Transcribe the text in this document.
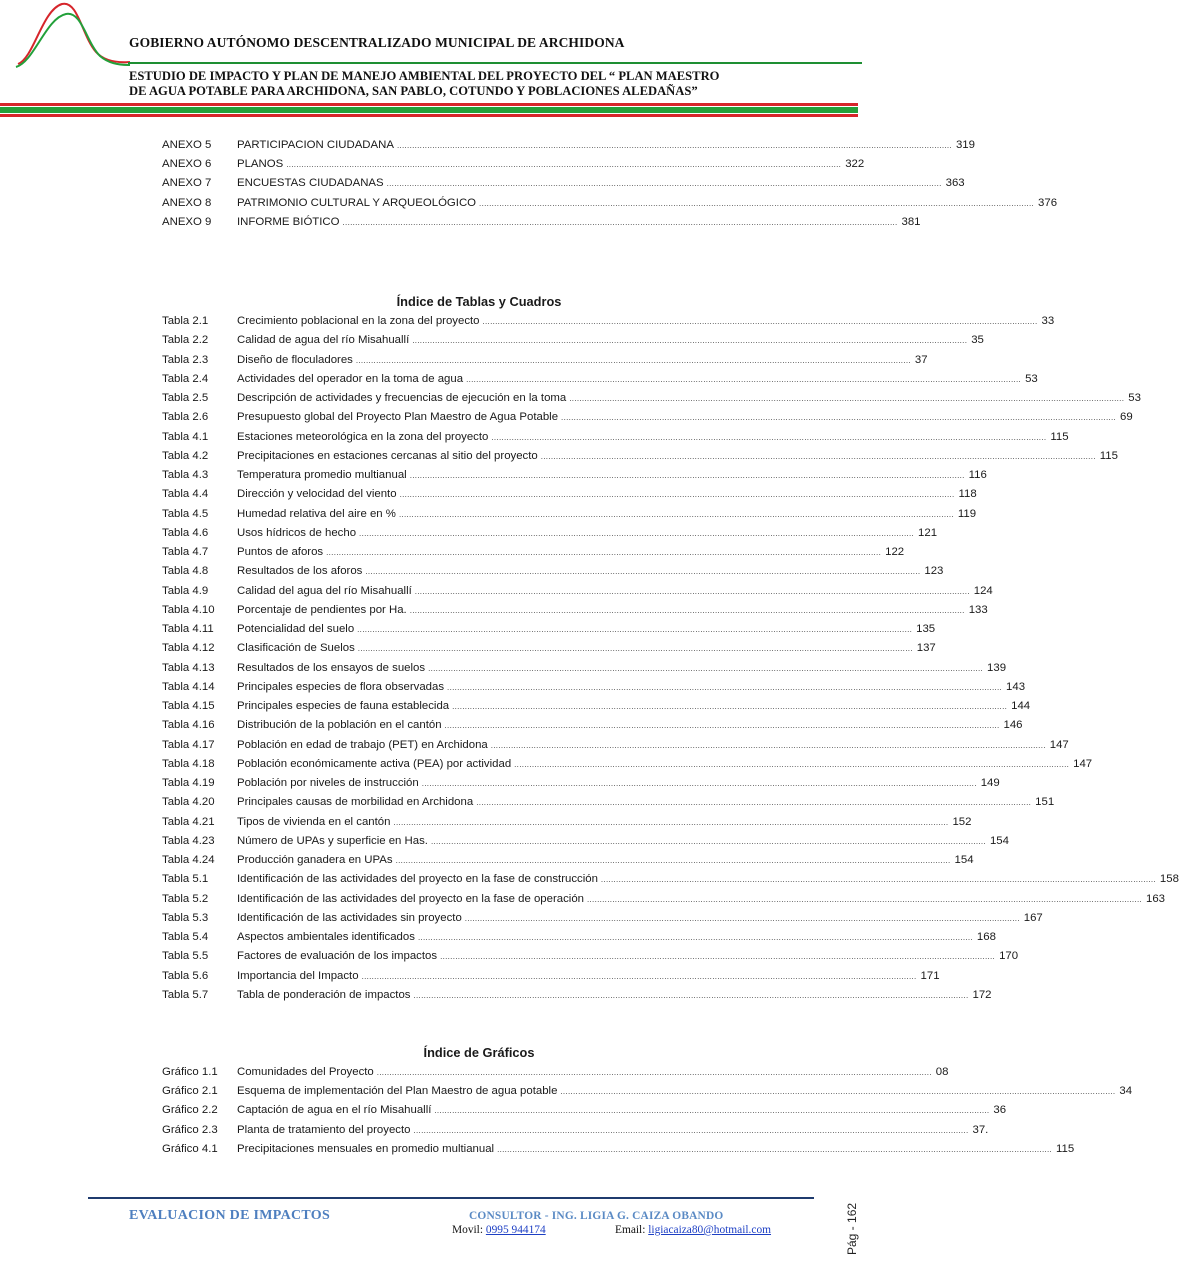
GOBIERNO AUTÓNOMO DESCENTRALIZADO MUNICIPAL DE ARCHIDONA
ESTUDIO DE IMPACTO Y PLAN DE MANEJO AMBIENTAL DEL PROYECTO DEL “ PLAN MAESTRO
DE AGUA POTABLE PARA ARCHIDONA, SAN PABLO, COTUNDO Y POBLACIONES ALEDAÑAS”
ANEXO 5	PARTICIPACION CIUDADANA ............................................................................................................................................................................................................................ 319
ANEXO 6	PLANOS ............................................................................................................................................................................................................................ 322
ANEXO 7	ENCUESTAS CIUDADANAS ............................................................................................................................................................................................................................ 363
ANEXO 8	PATRIMONIO CULTURAL Y ARQUEOLÓGICO ............................................................................................................................................................................................................................ 376
ANEXO 9	INFORME BIÓTICO ............................................................................................................................................................................................................................ 381
Índice de Tablas y Cuadros
Tabla 2.1	Crecimiento poblacional en la zona del proyecto ............................................................................................................................................................................................................................ 33
Tabla 2.2	Calidad de agua del río Misahuallí ............................................................................................................................................................................................................................ 35
Tabla 2.3	Diseño de floculadores ............................................................................................................................................................................................................................ 37
Tabla 2.4	Actividades del operador en la toma de agua ............................................................................................................................................................................................................................ 53
Tabla 2.5	Descripción de actividades y frecuencias de ejecución en la toma ............................................................................................................................................................................................................................ 53
Tabla 2.6	Presupuesto global del Proyecto Plan Maestro de Agua Potable ............................................................................................................................................................................................................................ 69
Tabla 4.1	Estaciones meteorológica en la zona del proyecto ............................................................................................................................................................................................................................ 115
Tabla 4.2	Precipitaciones en estaciones cercanas al sitio del proyecto ............................................................................................................................................................................................................................ 115
Tabla 4.3	Temperatura promedio multianual ............................................................................................................................................................................................................................ 116
Tabla 4.4	Dirección y velocidad del viento ............................................................................................................................................................................................................................ 118
Tabla 4.5	Humedad relativa del aire en % ............................................................................................................................................................................................................................ 119
Tabla 4.6	Usos hídricos de hecho ............................................................................................................................................................................................................................ 121
Tabla 4.7	Puntos de aforos ............................................................................................................................................................................................................................ 122
Tabla 4.8	Resultados de los aforos ............................................................................................................................................................................................................................ 123
Tabla 4.9	Calidad del agua del río Misahuallí ............................................................................................................................................................................................................................ 124
Tabla 4.10	Porcentaje de pendientes por Ha. ............................................................................................................................................................................................................................ 133
Tabla 4.11	Potencialidad del suelo ............................................................................................................................................................................................................................ 135
Tabla 4.12	Clasificación de Suelos ............................................................................................................................................................................................................................ 137
Tabla 4.13	Resultados de los ensayos de suelos ............................................................................................................................................................................................................................ 139
Tabla 4.14	Principales especies de flora observadas ............................................................................................................................................................................................................................ 143
Tabla 4.15	Principales especies de fauna establecida ............................................................................................................................................................................................................................ 144
Tabla 4.16	Distribución de la población en el cantón ............................................................................................................................................................................................................................ 146
Tabla 4.17	Población en edad de trabajo (PET) en Archidona ............................................................................................................................................................................................................................ 147
Tabla 4.18	Población económicamente activa (PEA) por actividad ............................................................................................................................................................................................................................ 147
Tabla 4.19	Población por niveles de instrucción ............................................................................................................................................................................................................................ 149
Tabla 4.20	Principales causas de morbilidad en Archidona ............................................................................................................................................................................................................................ 151
Tabla 4.21	Tipos de vivienda en el cantón ............................................................................................................................................................................................................................ 152
Tabla 4.23	Número de UPAs y superficie en Has. ............................................................................................................................................................................................................................ 154
Tabla 4.24	Producción ganadera en UPAs ............................................................................................................................................................................................................................ 154
Tabla 5.1	Identificación de las actividades del proyecto en la fase de construcción ............................................................................................................................................................................................................................ 158
Tabla 5.2	Identificación de las actividades del proyecto en la fase de operación ............................................................................................................................................................................................................................ 163
Tabla 5.3	Identificación de las actividades sin proyecto ............................................................................................................................................................................................................................ 167
Tabla 5.4	Aspectos ambientales identificados ............................................................................................................................................................................................................................ 168
Tabla 5.5	Factores de evaluación de los impactos ............................................................................................................................................................................................................................ 170
Tabla 5.6	Importancia del Impacto ............................................................................................................................................................................................................................ 171
Tabla 5.7	Tabla de ponderación de impactos ............................................................................................................................................................................................................................ 172
Índice de Gráficos
Gráfico 1.1	Comunidades del Proyecto ............................................................................................................................................................................................................................ 08
Gráfico 2.1	Esquema de implementación del Plan Maestro de agua potable ............................................................................................................................................................................................................................ 34
Gráfico 2.2	Captación de agua en el río Misahuallí ............................................................................................................................................................................................................................ 36
Gráfico 2.3	Planta de tratamiento del proyecto ............................................................................................................................................................................................................................ 37.
Gráfico 4.1	Precipitaciones mensuales en promedio multianual ............................................................................................................................................................................................................................ 115
EVALUACION DE IMPACTOS	CONSULTOR - ING. LIGIA G. CAIZA OBANDO
Movil: 0995 944174	Email: ligiacaiza80@hotmail.com	Pág - 162
